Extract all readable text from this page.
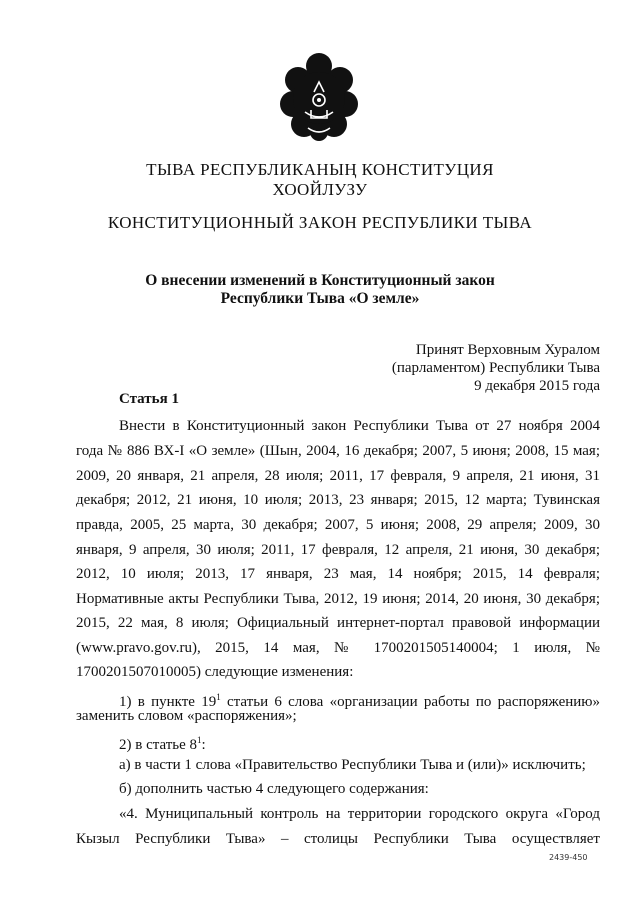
ТЫВА РЕСПУБЛИКАНЫҢ КОНСТИТУЦИЯ
ХООЙЛУЗУ
КОНСТИТУЦИОННЫЙ ЗАКОН РЕСПУБЛИКИ ТЫВА
О внесении изменений в Конституционный закон
Республики Тыва «О земле»
Принят Верховным Хуралом
(парламентом) Республики Тыва
9 декабря 2015 года
Статья 1
Внести в Конституционный закон Республики Тыва от 27 ноября 2004
года № 886 ВХ-I «О земле» (Шын, 2004, 16 декабря; 2007, 5 июня; 2008, 15 мая;
2009, 20 января, 21 апреля, 28 июля; 2011, 17 февраля, 9 апреля, 21 июня, 31
декабря; 2012, 21 июня, 10 июля; 2013, 23 января; 2015, 12 марта; Тувинская
правда, 2005, 25 марта, 30 декабря; 2007, 5 июня; 2008, 29 апреля; 2009, 30
января, 9 апреля, 30 июля; 2011, 17 февраля, 12 апреля, 21 июня, 30 декабря;
2012, 10 июля; 2013, 17 января, 23 мая, 14 ноября; 2015, 14 февраля;
Нормативные акты Республики Тыва, 2012, 19 июня; 2014, 20 июня, 30 декабря;
2015, 22 мая, 8 июля; Официальный интернет-портал правовой информации
(www.pravo.gov.ru), 2015, 14 мая, № 1700201505140004; 1 июля, №
1700201507010005) следующие изменения:
1) в пункте $19^1$ статьи 6 слова «организации работы по распоряжению»
заменить словом «распоряжения»;
2) в статье $8^1$:
а) в части 1 слова «Правительство Республики Тыва и (или)» исключить;
б) дополнить частью 4 следующего содержания:
«4. Муниципальный контроль на территории городского округа «Город
Кызыл Республики Тыва» – столицы Республики Тыва осуществляет
2439-450
